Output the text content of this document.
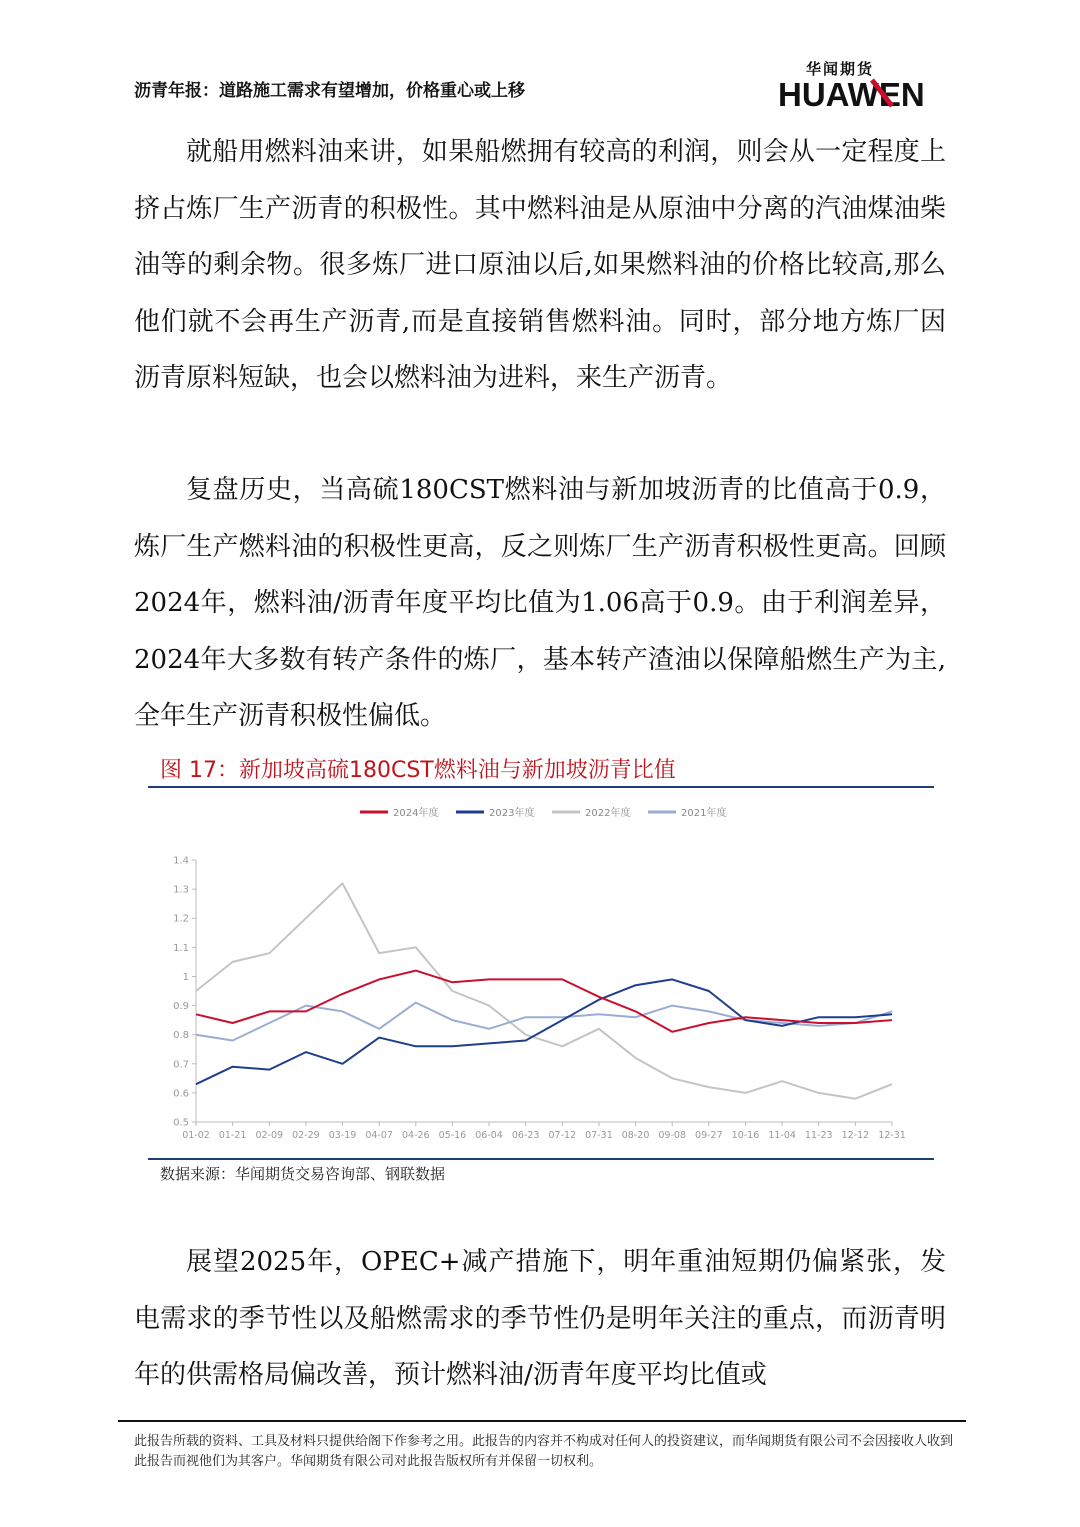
沥青年报：道路施工需求有望增加，价格重心或上移
华闻期货
HUAWEN

就船用燃料油来讲，如果船燃拥有较高的利润，则会从一定程度上挤占炼厂生产沥青的积极性。其中燃料油是从原油中分离的汽油煤油柴油等的剩余物。很多炼厂进口原油以后,如果燃料油的价格比较高,那么他们就不会再生产沥青,而是直接销售燃料油。同时，部分地方炼厂因沥青原料短缺，也会以燃料油为进料，来生产沥青。

复盘历史，当高硫180CST燃料油与新加坡沥青的比值高于0.9，炼厂生产燃料油的积极性更高，反之则炼厂生产沥青积极性更高。回顾2024年，燃料油/沥青年度平均比值为1.06高于0.9。由于利润差异，2024年大多数有转产条件的炼厂，基本转产渣油以保障船燃生产为主,全年生产沥青积极性偏低。

图 17：新加坡高硫180CST燃料油与新加坡沥青比值
2024年度	2023年度	2022年度	2021年度
1.4
1.3
1.2
1.1
1
0.9
0.8
0.7
0.6
0.5
01-02 01-21 02-09 02-29 03-19 04-07 04-26 05-16 06-04 06-23 07-12 07-31 08-20 09-08 09-27 10-16 11-04 11-23 12-12 12-31
数据来源：华闻期货交易咨询部、钢联数据

展望2025年，OPEC+减产措施下，明年重油短期仍偏紧张，发电需求的季节性以及船燃需求的季节性仍是明年关注的重点，而沥青明年的供需格局偏改善，预计燃料油/沥青年度平均比值或

此报告所载的资料、工具及材料只提供给阁下作参考之用。此报告的内容并不构成对任何人的投资建议，而华闻期货有限公司不会因接收人收到此报告而视他们为其客户。华闻期货有限公司对此报告版权所有并保留一切权利。
